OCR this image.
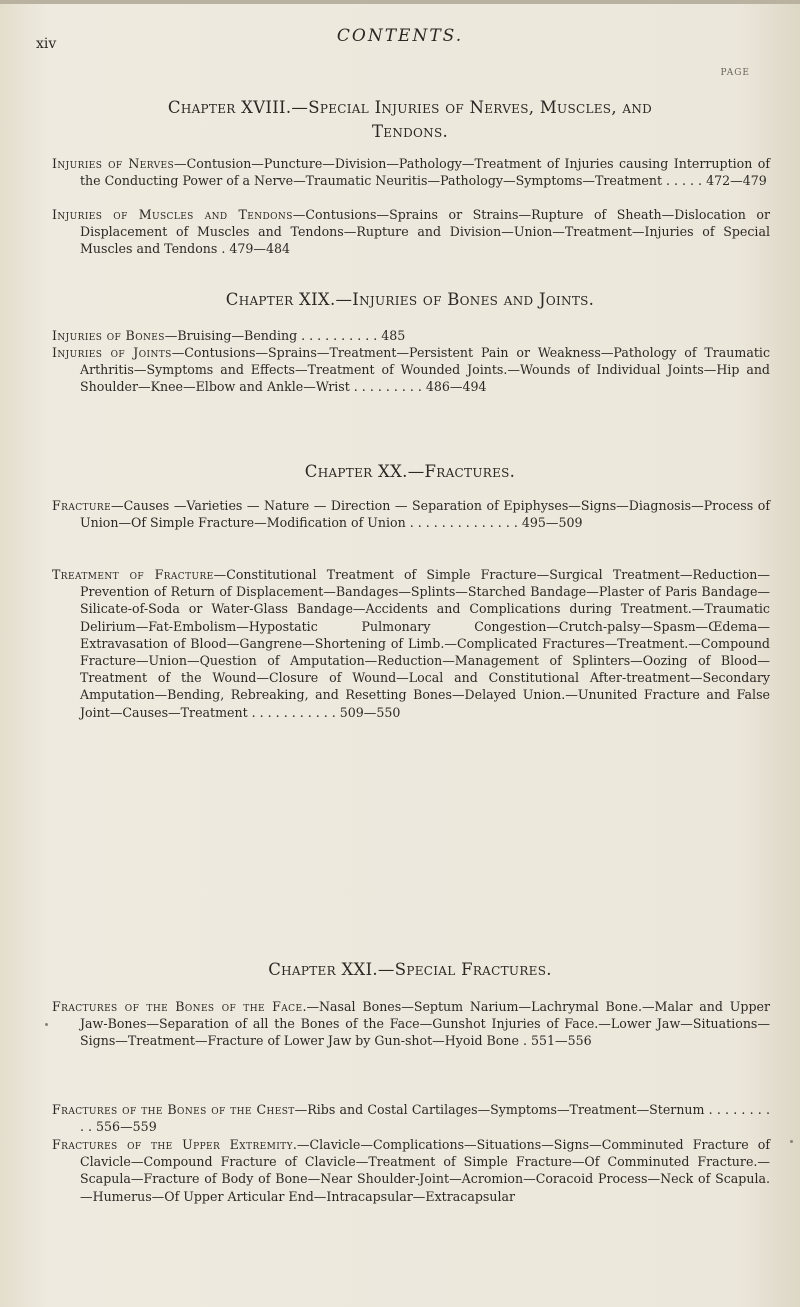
xiv	CONTENTS.
PAGE
Chapter XVIII.—Special Injuries of Nerves, Muscles, and
Tendons.
Injuries of Nerves—Contusion—Puncture—Division—Pathology—Treatment of Injuries causing Interruption of the Conducting Power of a Nerve—Traumatic Neuritis—Pathology—Symptoms—Treatment . . . . . 472—479
Injuries of Muscles and Tendons—Contusions—Sprains or Strains—Rupture of Sheath—Dislocation or Displacement of Muscles and Tendons—Rupture and Division—Union—Treatment—Injuries of Special Muscles and Tendons . 479—484
Chapter XIX.—Injuries of Bones and Joints.
Injuries of Bones—Bruising—Bending . . . . . . . . . . 485
Injuries of Joints—Contusions—Sprains—Treatment—Persistent Pain or Weakness—Pathology of Traumatic Arthritis—Symptoms and Effects—Treatment of Wounded Joints.—Wounds of Individual Joints—Hip and Shoulder—Knee—Elbow and Ankle—Wrist . . . . . . . . . 486—494
Chapter XX.—Fractures.
Fracture—Causes —Varieties — Nature — Direction — Separation of Epiphyses—Signs—Diagnosis—Process of Union—Of Simple Fracture—Modification of Union . . . . . . . . . . . . . . 495—509
Treatment of Fracture—Constitutional Treatment of Simple Fracture—Surgical Treatment—Reduction—Prevention of Return of Displacement—Bandages—Splints—Starched Bandage—Plaster of Paris Bandage—Silicate-of-Soda or Water-Glass Bandage—Accidents and Complications during Treatment.—Traumatic Delirium—Fat-Embolism—Hypostatic Pulmonary Congestion—Crutch-palsy—Spasm—Œdema—Extravasation of Blood—Gangrene—Shortening of Limb.—Complicated Fractures—Treatment.—Compound Fracture—Union—Question of Amputation—Reduction—Management of Splinters—Oozing of Blood—Treatment of the Wound—Closure of Wound—Local and Constitutional After-treatment—Secondary Amputation—Bending, Rebreaking, and Resetting Bones—Delayed Union.—Ununited Fracture and False Joint—Causes—Treatment . . . . . . . . . . . 509—550
Chapter XXI.—Special Fractures.
Fractures of the Bones of the Face.—Nasal Bones—Septum Narium—Lachrymal Bone.—Malar and Upper Jaw-Bones—Separation of all the Bones of the Face—Gunshot Injuries of Face.—Lower Jaw—Situations—Signs—Treatment—Fracture of Lower Jaw by Gun-shot—Hyoid Bone . 551—556
Fractures of the Bones of the Chest—Ribs and Costal Cartilages—Symptoms—Treatment—Sternum . . . . . . . . . . 556—559
Fractures of the Upper Extremity.—Clavicle—Complications—Situations—Signs—Comminuted Fracture of Clavicle—Compound Fracture of Clavicle—Treatment of Simple Fracture—Of Comminuted Fracture.—Scapula—Fracture of Body of Bone—Near Shoulder-Joint—Acromion—Coracoid Process—Neck of Scapula.—Humerus—Of Upper Articular End—Intracapsular—Extracapsular
